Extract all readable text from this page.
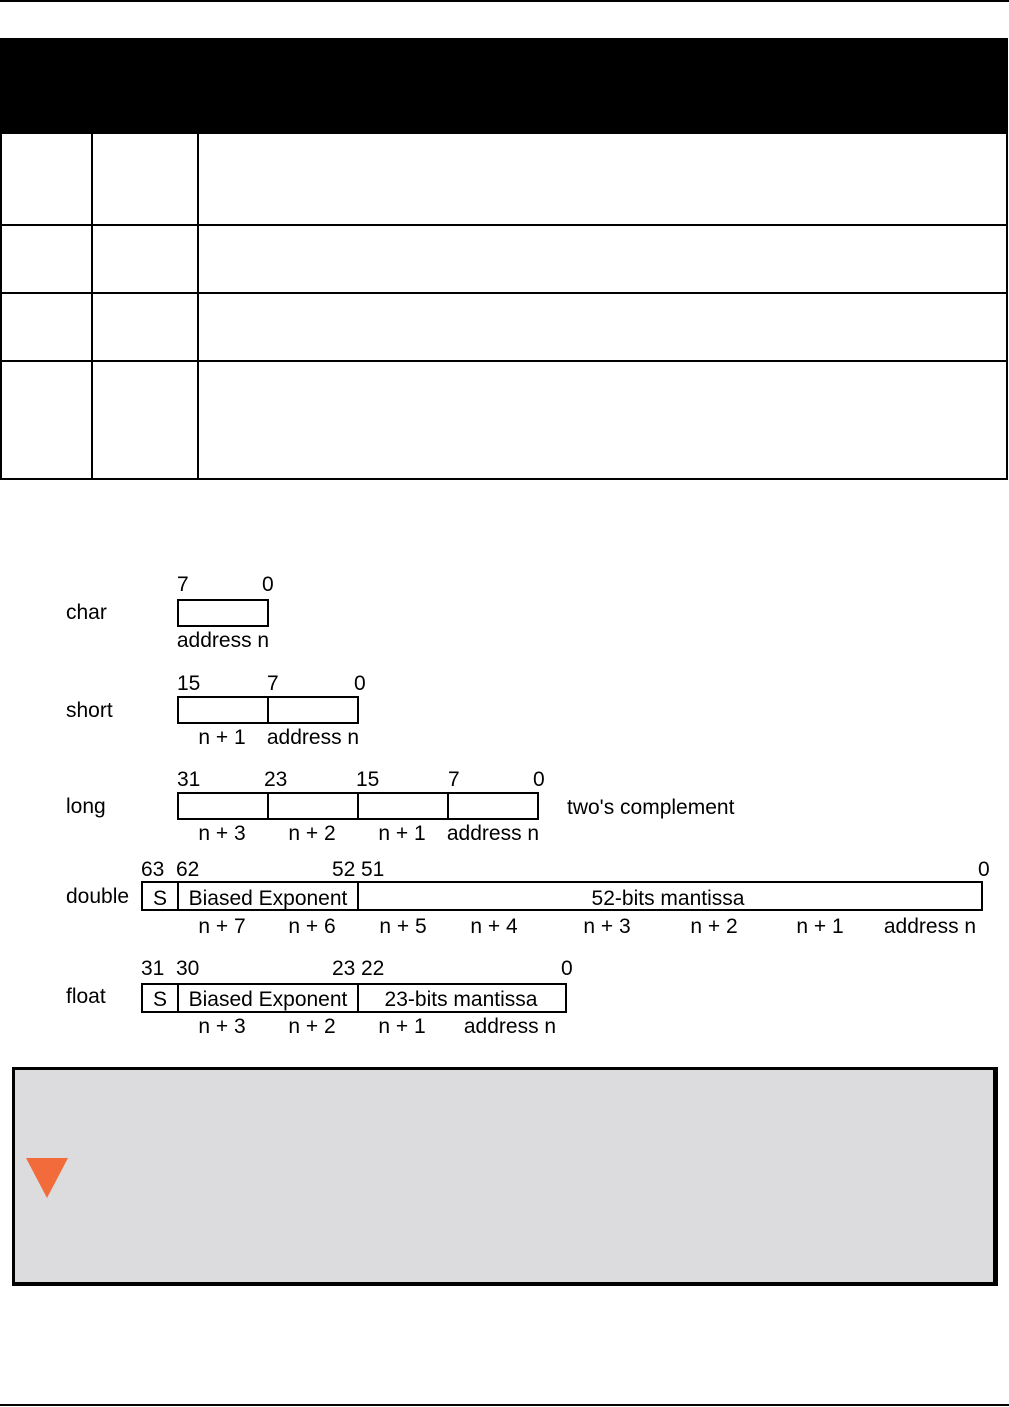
char
7	0
address n
short
15	7	0
n + 1 address n
long
31	23	15	7	0
n + 3 n + 2 n + 1 address n
two's complement
double
63 62	52 51	0
S Biased Exponent	52-bits mantissa
n + 7 n + 6 n + 5 n + 4	n + 3	n + 2	n + 1 address n
float
31 30	23 22	0
S Biased Exponent 23-bits mantissa
n + 3 n + 2 n + 1 address n
